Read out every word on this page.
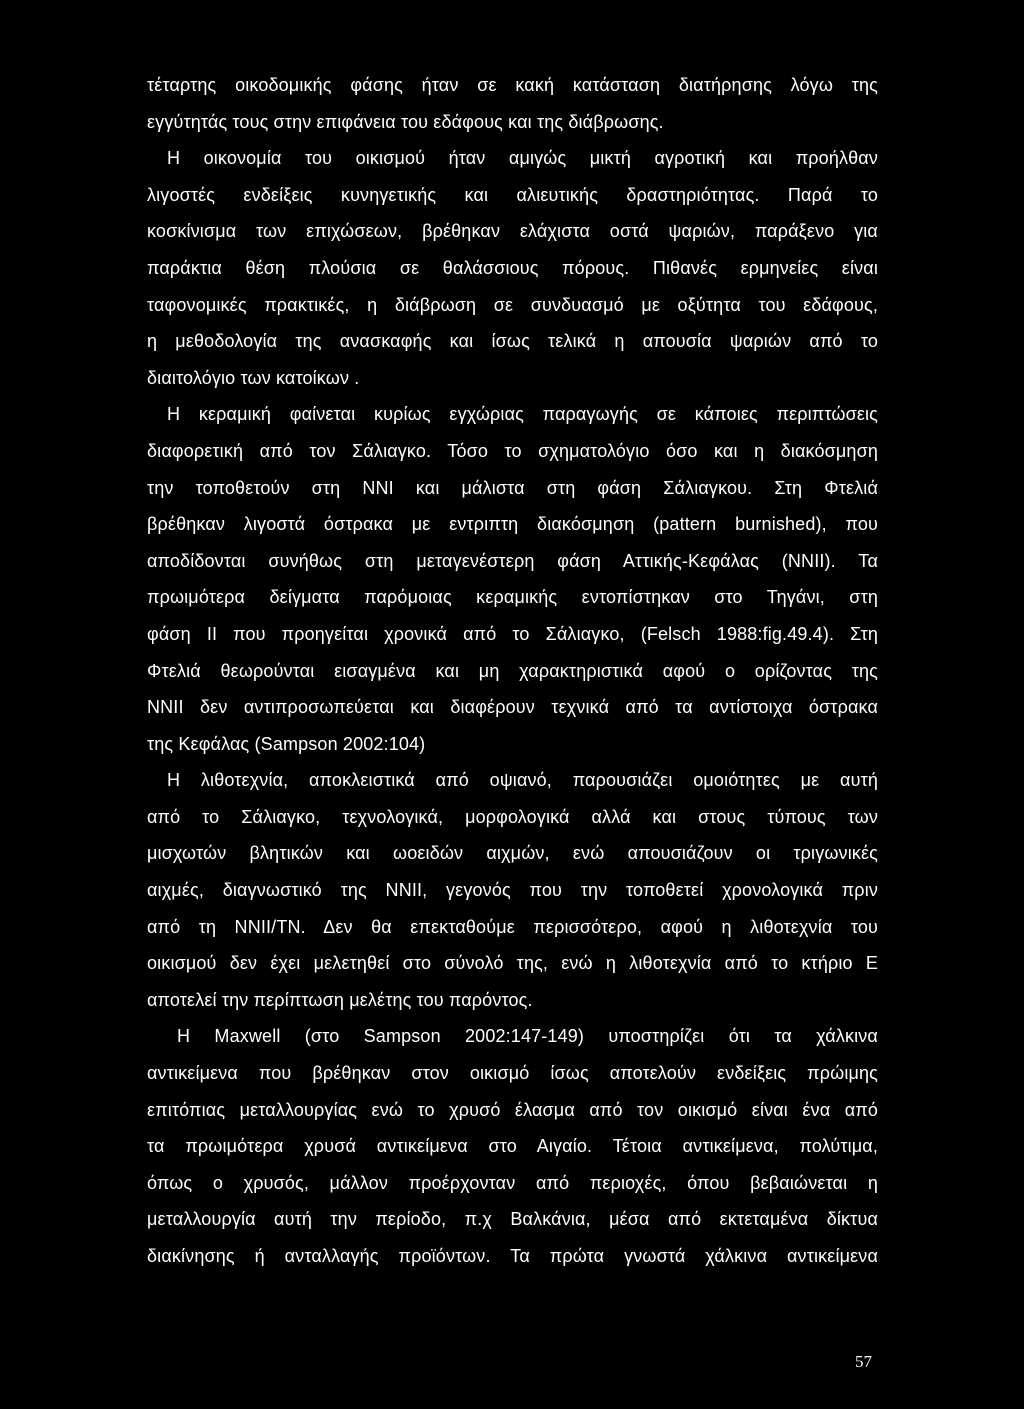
τέταρτης οικοδομικής φάσης ήταν σε κακή κατάσταση διατήρησης λόγω της
εγγύτητάς τους στην επιφάνεια του εδάφους και της διάβρωσης.
Η οικονομία του οικισμού ήταν αμιγώς μικτή αγροτική και προήλθαν
λιγοστές ενδείξεις κυνηγετικής και αλιευτικής δραστηριότητας. Παρά το
κοσκίνισμα των επιχώσεων, βρέθηκαν ελάχιστα οστά ψαριών, παράξενο για
παράκτια θέση πλούσια σε θαλάσσιους πόρους. Πιθανές ερμηνείες είναι
ταφονομικές πρακτικές, η διάβρωση σε συνδυασμό με οξύτητα του εδάφους,
η μεθοδολογία της ανασκαφής και ίσως τελικά η απουσία ψαριών από το
διαιτολόγιο των κατοίκων .
Η κεραμική φαίνεται κυρίως εγχώριας παραγωγής σε κάποιες περιπτώσεις
διαφορετική από τον Σάλιαγκο. Τόσο το σχηματολόγιο όσο και η διακόσμηση
την τοποθετούν στη ΝΝΙ και μάλιστα στη φάση Σάλιαγκου. Στη Φτελιά
βρέθηκαν λιγοστά όστρακα με εντριπτη διακόσμηση (pattern burnished), που
αποδίδονται συνήθως στη μεταγενέστερη φάση Αττικής-Κεφάλας (ΝΝΙΙ). Τα
πρωιμότερα δείγματα παρόμοιας κεραμικής εντοπίστηκαν στο Τηγάνι, στη
φάση ΙΙ που προηγείται χρονικά από το Σάλιαγκο, (Felsch 1988:fig.49.4). Στη
Φτελιά θεωρούνται εισαγμένα και μη χαρακτηριστικά αφού ο ορίζοντας της
ΝΝΙΙ δεν αντιπροσωπεύεται και διαφέρουν τεχνικά από τα αντίστοιχα όστρακα
της Κεφάλας (Sampson 2002:104)
Η λιθοτεχνία, αποκλειστικά από οψιανό, παρουσιάζει ομοιότητες με αυτή
από το Σάλιαγκο, τεχνολογικά, μορφολογικά αλλά και στους τύπους των
μισχωτών βλητικών και ωοειδών αιχμών, ενώ απουσιάζουν οι τριγωνικές
αιχμές, διαγνωστικό της ΝΝΙΙ, γεγονός που την τοποθετεί χρονολογικά πριν
από τη ΝΝΙΙ/ΤΝ. Δεν θα επεκταθούμε περισσότερο, αφού η λιθοτεχνία του
οικισμού δεν έχει μελετηθεί στο σύνολό της, ενώ η λιθοτεχνία από το κτήριο Ε
αποτελεί την περίπτωση μελέτης του παρόντος.
Η Maxwell (στο Sampson 2002:147-149) υποστηρίζει ότι τα χάλκινα
αντικείμενα που βρέθηκαν στον οικισμό ίσως αποτελούν ενδείξεις πρώιμης
επιτόπιας μεταλλουργίας ενώ το χρυσό έλασμα από τον οικισμό είναι ένα από
τα πρωιμότερα χρυσά αντικείμενα στο Αιγαίο. Τέτοια αντικείμενα, πολύτιμα,
όπως ο χρυσός, μάλλον προέρχονταν από περιοχές, όπου βεβαιώνεται η
μεταλλουργία αυτή την περίοδο, π.χ Βαλκάνια, μέσα από εκτεταμένα δίκτυα
διακίνησης ή ανταλλαγής προϊόντων. Τα πρώτα γνωστά χάλκινα αντικείμενα
57
